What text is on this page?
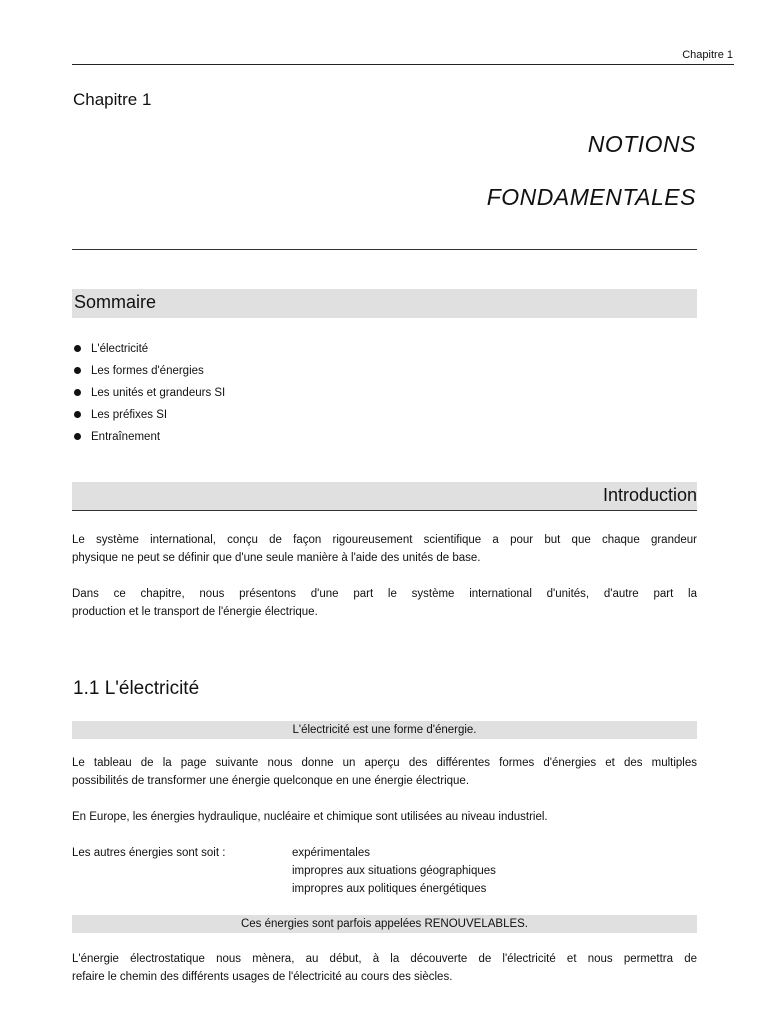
Chapitre 1
Chapitre 1
NOTIONS
FONDAMENTALES
Sommaire
L'électricité
Les formes d'énergies
Les unités et grandeurs SI
Les préfixes SI
Entraînement
Introduction
Le système international, conçu de façon rigoureusement scientifique a pour but que chaque grandeur
physique ne peut se définir que d'une seule manière à l'aide des unités de base.
Dans ce chapitre, nous présentons d'une part le système international d'unités, d'autre part la
production et le transport de l'énergie électrique.
1.1 L'électricité
L'électricité est une forme d'énergie.
Le tableau de la page suivante nous donne un aperçu des différentes formes d'énergies et des multiples
possibilités de transformer une énergie quelconque en une énergie électrique.
En Europe, les énergies hydraulique, nucléaire et chimique sont utilisées au niveau industriel.
Les autres énergies sont soit :	expérimentales
impropres aux situations géographiques
impropres aux politiques énergétiques
Ces énergies sont parfois appelées RENOUVELABLES.
L'énergie électrostatique nous mènera, au début, à la découverte de l'électricité et nous permettra de
refaire le chemin des différents usages de l'électricité au cours des siècles.
